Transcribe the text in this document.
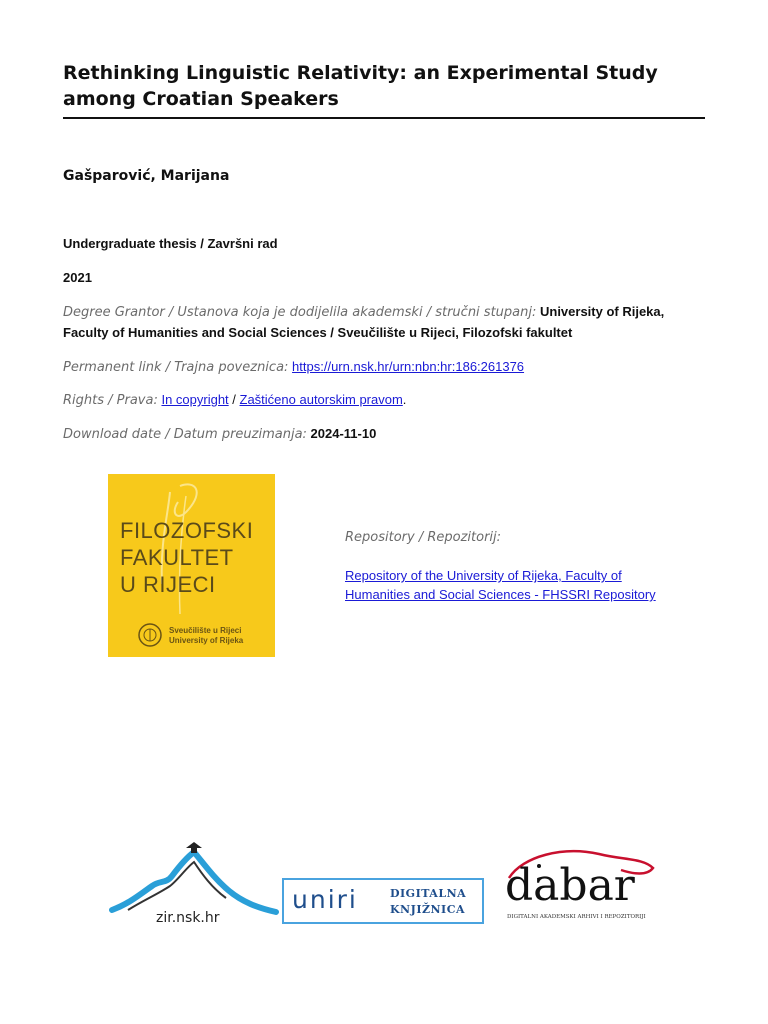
Rethinking Linguistic Relativity: an Experimental Study among Croatian Speakers
Gašparović, Marijana
Undergraduate thesis / Završni rad
2021
Degree Grantor / Ustanova koja je dodijelila akademski / stručni stupanj: University of Rijeka, Faculty of Humanities and Social Sciences / Sveučilište u Rijeci, Filozofski fakultet
Permanent link / Trajna poveznica: https://urn.nsk.hr/urn:nbn:hr:186:261376
Rights / Prava: In copyright / Zaštićeno autorskim pravom.
Download date / Datum preuzimanja: 2024-11-10
FILOZOFSKI
FAKULTET
U RIJECI
Sveučilište u Rijeci
University of Rijeka
Repository / Repozitorij:
Repository of the University of Rijeka, Faculty of
Humanities and Social Sciences - FHSSRI Repository
zir.nsk.hr
uniri	DIGITALNA
KNJIŽNICA dabar
DIGITALNI AKADEMSKI ARHIVI I REPOZITORIJI
